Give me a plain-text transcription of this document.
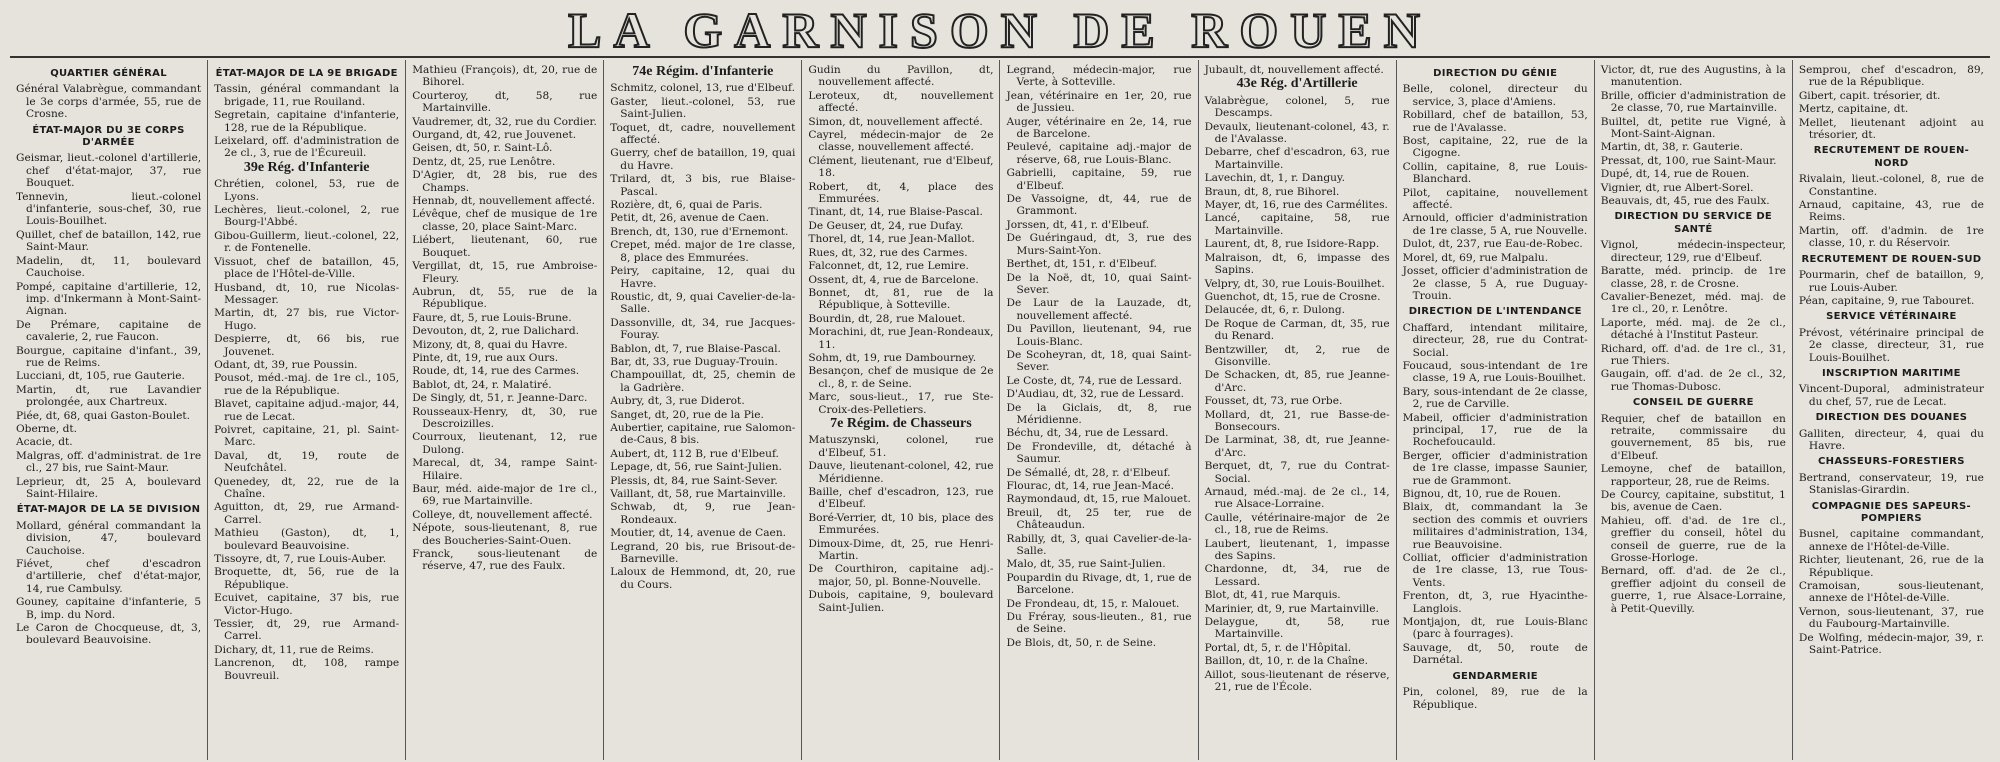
LA GARNISON DE ROUEN
QUARTIER GÉNÉRAL
Général Valabrègue, commandant le 3e corps d'armée, 55, rue de Crosne.
ÉTAT-MAJOR DU 3E CORPS D'ARMÉE
Geismar, lieut.-colonel d'artillerie, chef d'état-major, 37, rue Bouquet.
Tennevin, lieut.-colonel d'infanterie, sous-chef, 30, rue Louis-Bouilhet.
Quillet, chef de bataillon, 142, rue Saint-Maur.
Madelin, dt, 11, boulevard Cauchoise.
Pompé, capitaine d'artillerie, 12, imp. d'Inkermann à Mont-Saint-Aignan.
De Prémare, capitaine de cavalerie, 2, rue Faucon.
Bourgue, capitaine d'infant., 39, rue de Reims.
Lucciani, dt, 105, rue Gauterie.
Martin, dt, rue Lavandier prolongée, aux Chartreux.
Piée, dt, 68, quai Gaston-Boulet.
Oberne, dt.
Acacie, dt.
Malgras, off. d'administrat. de 1re cl., 27 bis, rue Saint-Maur.
Leprieur, dt, 25 A, boulevard Saint-Hilaire.
ÉTAT-MAJOR DE LA 5E DIVISION
Mollard, général commandant la division, 47, boulevard Cauchoise.
Fiévet, chef d'escadron d'artillerie, chef d'état-major, 14, rue Cambulsy.
Gouney, capitaine d'infanterie, 5 B, imp. du Nord.
Le Caron de Chocqueuse, dt, 3, boulevard Beauvoisine.
ÉTAT-MAJOR DE LA 9E BRIGADE
Tassin, général commandant la brigade, 11, rue Rouiland.
Segretain, capitaine d'infanterie, 128, rue de la République.
Leixelard, off. d'administration de 2e cl., 3, rue de l'Écureuil.
39e Rég. d'Infanterie
Chrétien, colonel, 53, rue de Lyons.
Lechères, lieut.-colonel, 2, rue Bourg-l'Abbé.
Gibou-Guillerm, lieut.-colonel, 22, r. de Fontenelle.
Vissuot, chef de bataillon, 45, place de l'Hôtel-de-Ville.
Husband, dt, 10, rue Nicolas-Messager.
Martin, dt, 27 bis, rue Victor-Hugo.
Despierre, dt, 66 bis, rue Jouvenet.
Odant, dt, 39, rue Poussin.
Pousot, méd.-maj. de 1re cl., 105, rue de la République.
Blavet, capitaine adjud.-major, 44, rue de Lecat.
Poivret, capitaine, 21, pl. Saint-Marc.
Daval, dt, 19, route de Neufchâtel.
Quenedey, dt, 22, rue de la Chaîne.
Aguitton, dt, 29, rue Armand-Carrel.
Mathieu (Gaston), dt, 1, boulevard Beauvoisine.
Tissoyre, dt, 7, rue Louis-Auber.
Broquette, dt, 56, rue de la République.
Ecuivet, capitaine, 37 bis, rue Victor-Hugo.
Tessier, dt, 29, rue Armand-Carrel.
Dichary, dt, 11, rue de Reims.
Lancrenon, dt, 108, rampe Bouvreuil.
Mathieu (François), dt, 20, rue de Bihorel.
Courteroy, dt, 58, rue Martainville.
Vaudremer, dt, 32, rue du Cordier.
Ourgand, dt, 42, rue Jouvenet.
Geisen, dt, 50, r. Saint-Lô.
Dentz, dt, 25, rue Lenôtre.
D'Agier, dt, 28 bis, rue des Champs.
Hennab, dt, nouvellement affecté.
Lévêque, chef de musique de 1re classe, 20, place Saint-Marc.
Liébert, lieutenant, 60, rue Bouquet.
Vergillat, dt, 15, rue Ambroise-Fleury.
Aubrun, dt, 55, rue de la République.
Faure, dt, 5, rue Louis-Brune.
Devouton, dt, 2, rue Dalichard.
Mizony, dt, 8, quai du Havre.
Pinte, dt, 19, rue aux Ours.
Roude, dt, 14, rue des Carmes.
Bablot, dt, 24, r. Malatiré.
De Singly, dt, 51, r. Jeanne-Darc.
Rousseaux-Henry, dt, 30, rue Descroizilles.
Courroux, lieutenant, 12, rue Dulong.
Marecal, dt, 34, rampe Saint-Hilaire.
Baur, méd. aide-major de 1re cl., 69, rue Martainville.
Colleye, dt, nouvellement affecté.
Népote, sous-lieutenant, 8, rue des Boucheries-Saint-Ouen.
Franck, sous-lieutenant de réserve, 47, rue des Faulx.
74e Régim. d'Infanterie
Schmitz, colonel, 13, rue d'Elbeuf.
Gaster, lieut.-colonel, 53, rue Saint-Julien.
Toquet, dt, cadre, nouvellement affecté.
Guerry, chef de bataillon, 19, quai du Havre.
Trilard, dt, 3 bis, rue Blaise-Pascal.
Rozière, dt, 6, quai de Paris.
Petit, dt, 26, avenue de Caen.
Brench, dt, 130, rue d'Ernemont.
Crepet, méd. major de 1re classe, 8, place des Emmurées.
Peiry, capitaine, 12, quai du Havre.
Roustic, dt, 9, quai Cavelier-de-la-Salle.
Dassonville, dt, 34, rue Jacques-Fouray.
Bablon, dt, 7, rue Blaise-Pascal.
Bar, dt, 33, rue Duguay-Trouin.
Champouillat, dt, 25, chemin de la Gadrière.
Aubry, dt, 3, rue Diderot.
Sanget, dt, 20, rue de la Pie.
Aubertier, capitaine, rue Salomon-de-Caus, 8 bis.
Aubert, dt, 112 B, rue d'Elbeuf.
Lepage, dt, 56, rue Saint-Julien.
Plessis, dt, 84, rue Saint-Sever.
Vaillant, dt, 58, rue Martainville.
Schwab, dt, 9, rue Jean-Rondeaux.
Moutier, dt, 14, avenue de Caen.
Legrand, 20 bis, rue Brisout-de-Barneville.
Laloux de Hemmond, dt, 20, rue du Cours.
Gudin du Pavillon, dt, nouvellement affecté.
Leroteux, dt, nouvellement affecté.
Simon, dt, nouvellement affecté.
Cayrel, médecin-major de 2e classe, nouvellement affecté.
Clément, lieutenant, rue d'Elbeuf, 18.
Robert, dt, 4, place des Emmurées.
Tinant, dt, 14, rue Blaise-Pascal.
De Geuser, dt, 24, rue Dufay.
Thorel, dt, 14, rue Jean-Mallot.
Rues, dt, 32, rue des Carmes.
Falconnet, dt, 12, rue Lemire.
Ossent, dt, 4, rue de Barcelone.
Bonnet, dt, 81, rue de la République, à Sotteville.
Bourdin, dt, 28, rue Malouet.
Morachini, dt, rue Jean-Rondeaux, 11.
Sohm, dt, 19, rue Dambourney.
Besançon, chef de musique de 2e cl., 8, r. de Seine.
Marc, sous-lieut., 17, rue Ste-Croix-des-Pelletiers.
7e Régim. de Chasseurs
Matuszynski, colonel, rue d'Elbeuf, 51.
Dauve, lieutenant-colonel, 42, rue Méridienne.
Baille, chef d'escadron, 123, rue d'Elbeuf.
Boré-Verrier, dt, 10 bis, place des Emmurées.
Dimoux-Dime, dt, 25, rue Henri-Martin.
De Courthiron, capitaine adj.-major, 50, pl. Bonne-Nouvelle.
Dubois, capitaine, 9, boulevard Saint-Julien.
Legrand, médecin-major, rue Verte, à Sotteville.
Jean, vétérinaire en 1er, 20, rue de Jussieu.
Auger, vétérinaire en 2e, 14, rue de Barcelone.
Peulevé, capitaine adj.-major de réserve, 68, rue Louis-Blanc.
Gabrielli, capitaine, 59, rue d'Elbeuf.
De Vassoigne, dt, 44, rue de Grammont.
Jorssen, dt, 41, r. d'Elbeuf.
De Guéringaud, dt, 3, rue des Murs-Saint-Yon.
Berthet, dt, 151, r. d'Elbeuf.
De la Noë, dt, 10, quai Saint-Sever.
De Laur de la Lauzade, dt, nouvellement affecté.
Du Pavillon, lieutenant, 94, rue Louis-Blanc.
De Scoheyran, dt, 18, quai Saint-Sever.
Le Coste, dt, 74, rue de Lessard.
D'Audiau, dt, 32, rue de Lessard.
De la Giclais, dt, 8, rue Méridienne.
Béchu, dt, 34, rue de Lessard.
De Frondeville, dt, détaché à Saumur.
De Sémallé, dt, 28, r. d'Elbeuf.
Flourac, dt, 14, rue Jean-Macé.
Raymondaud, dt, 15, rue Malouet.
Breuil, dt, 25 ter, rue de Châteaudun.
Rabilly, dt, 3, quai Cavelier-de-la-Salle.
Malo, dt, 35, rue Saint-Julien.
Poupardin du Rivage, dt, 1, rue de Barcelone.
De Frondeau, dt, 15, r. Malouet.
Du Fréray, sous-lieuten., 81, rue de Seine.
De Blois, dt, 50, r. de Seine.
Jubault, dt, nouvellement affecté.
43e Rég. d'Artillerie
Valabrègue, colonel, 5, rue Descamps.
Devaulx, lieutenant-colonel, 43, r. de l'Avalasse.
Debarre, chef d'escadron, 63, rue Martainville.
Lavechin, dt, 1, r. Danguy.
Braun, dt, 8, rue Bihorel.
Mayer, dt, 16, rue des Carmélites.
Lancé, capitaine, 58, rue Martainville.
Laurent, dt, 8, rue Isidore-Rapp.
Malraison, dt, 6, impasse des Sapins.
Velpry, dt, 30, rue Louis-Bouilhet.
Guenchot, dt, 15, rue de Crosne.
Delaucée, dt, 6, r. Dulong.
De Roque de Carman, dt, 35, rue du Renard.
Bentzwiller, dt, 2, rue de Gisonville.
De Schacken, dt, 85, rue Jeanne-d'Arc.
Fousset, dt, 73, rue Orbe.
Mollard, dt, 21, rue Basse-de-Bonsecours.
De Larminat, 38, dt, rue Jeanne-d'Arc.
Berquet, dt, 7, rue du Contrat-Social.
Arnaud, méd.-maj. de 2e cl., 14, rue Alsace-Lorraine.
Caulle, vétérinaire-major de 2e cl., 18, rue de Reims.
Laubert, lieutenant, 1, impasse des Sapins.
Chardonne, dt, 34, rue de Lessard.
Blot, dt, 41, rue Marquis.
Marinier, dt, 9, rue Martainville.
Delaygue, dt, 58, rue Martainville.
Portal, dt, 5, r. de l'Hôpital.
Baillon, dt, 10, r. de la Chaîne.
Aillot, sous-lieutenant de réserve, 21, rue de l'École.
DIRECTION DU GÉNIE
Belle, colonel, directeur du service, 3, place d'Amiens.
Robillard, chef de bataillon, 53, rue de l'Avalasse.
Bost, capitaine, 22, rue de la Cigogne.
Collin, capitaine, 8, rue Louis-Blanchard.
Pilot, capitaine, nouvellement affecté.
Arnould, officier d'administration de 1re classe, 5 A, rue Nouvelle.
Dulot, dt, 237, rue Eau-de-Robec.
Morel, dt, 69, rue Malpalu.
Josset, officier d'administration de 2e classe, 5 A, rue Duguay-Trouin.
DIRECTION DE L'INTENDANCE
Chaffard, intendant militaire, directeur, 28, rue du Contrat-Social.
Foucaud, sous-intendant de 1re classe, 19 A, rue Louis-Bouilhet.
Bary, sous-intendant de 2e classe, 2, rue de Carville.
Mabeil, officier d'administration principal, 17, rue de la Rochefoucauld.
Berger, officier d'administration de 1re classe, impasse Saunier, rue de Grammont.
Bignou, dt, 10, rue de Rouen.
Blaix, dt, commandant la 3e section des commis et ouvriers militaires d'administration, 134, rue Beauvoisine.
Colliat, officier d'administration de 1re classe, 13, rue Tous-Vents.
Frenton, dt, 3, rue Hyacinthe-Langlois.
Montjajon, dt, rue Louis-Blanc (parc à fourrages).
Sauvage, dt, 50, route de Darnétal.
GENDARMERIE
Pin, colonel, 89, rue de la République.
Victor, dt, rue des Augustins, à la manutention.
Brille, officier d'administration de 2e classe, 70, rue Martainville.
Builtel, dt, petite rue Vigné, à Mont-Saint-Aignan.
Martin, dt, 38, r. Gauterie.
Pressat, dt, 100, rue Saint-Maur.
Dupé, dt, 14, rue de Rouen.
Vignier, dt, rue Albert-Sorel.
Beauvais, dt, 45, rue des Faulx.
DIRECTION DU SERVICE DE SANTÉ
Vignol, médecin-inspecteur, directeur, 129, rue d'Elbeuf.
Baratte, méd. princip. de 1re classe, 28, r. de Crosne.
Cavalier-Benezet, méd. maj. de 1re cl., 20, r. Lenôtre.
Laporte, méd. maj. de 2e cl., détaché à l'Institut Pasteur.
Richard, off. d'ad. de 1re cl., 31, rue Thiers.
Gaugain, off. d'ad. de 2e cl., 32, rue Thomas-Dubosc.
CONSEIL DE GUERRE
Requier, chef de bataillon en retraite, commissaire du gouvernement, 85 bis, rue d'Elbeuf.
Lemoyne, chef de bataillon, rapporteur, 28, rue de Reims.
De Courcy, capitaine, substitut, 1 bis, avenue de Caen.
Mahieu, off. d'ad. de 1re cl., greffier du conseil, hôtel du conseil de guerre, rue de la Grosse-Horloge.
Bernard, off. d'ad. de 2e cl., greffier adjoint du conseil de guerre, 1, rue Alsace-Lorraine, à Petit-Quevilly.
Semprou, chef d'escadron, 89, rue de la République.
Gibert, capit. trésorier, dt.
Mertz, capitaine, dt.
Mellet, lieutenant adjoint au trésorier, dt.
RECRUTEMENT DE ROUEN-NORD
Rivalain, lieut.-colonel, 8, rue de Constantine.
Arnaud, capitaine, 43, rue de Reims.
Martin, off. d'admin. de 1re classe, 10, r. du Réservoir.
RECRUTEMENT DE ROUEN-SUD
Pourmarin, chef de bataillon, 9, rue Louis-Auber.
Péan, capitaine, 9, rue Tabouret.
SERVICE VÉTÉRINAIRE
Prévost, vétérinaire principal de 2e classe, directeur, 31, rue Louis-Bouilhet.
INSCRIPTION MARITIME
Vincent-Duporal, administrateur du chef, 57, rue de Lecat.
DIRECTION DES DOUANES
Galliten, directeur, 4, quai du Havre.
CHASSEURS-FORESTIERS
Bertrand, conservateur, 19, rue Stanislas-Girardin.
COMPAGNIE DES SAPEURS-POMPIERS
Busnel, capitaine commandant, annexe de l'Hôtel-de-Ville.
Richter, lieutenant, 26, rue de la République.
Cramoisan, sous-lieutenant, annexe de l'Hôtel-de-Ville.
Vernon, sous-lieutenant, 37, rue du Faubourg-Martainville.
De Wolfing, médecin-major, 39, r. Saint-Patrice.
